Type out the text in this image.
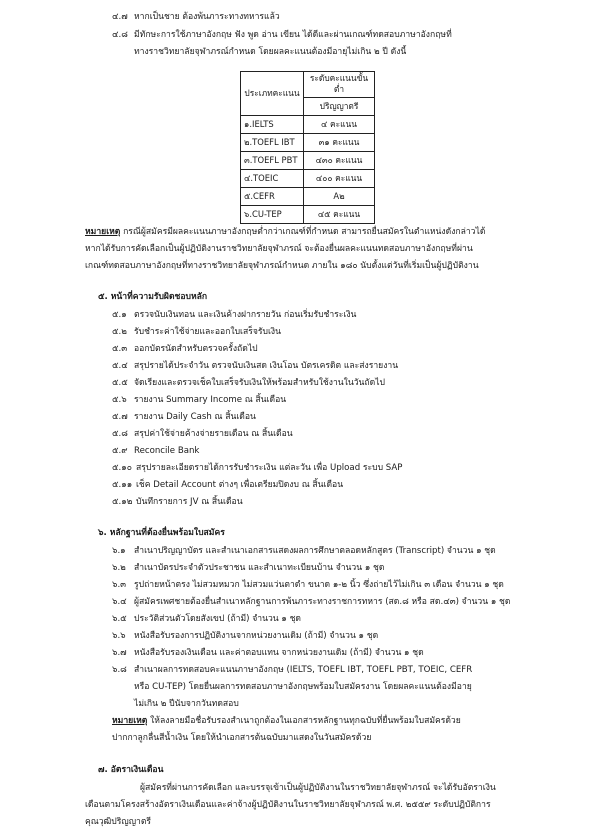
๔.๗ หากเป็นชาย ต้องพ้นภาระทางทหารแล้ว
๔.๘ มีทักษะการใช้ภาษาอังกฤษ ฟัง พูด อ่าน เขียน ได้ดีและผ่านเกณฑ์ทดสอบภาษาอังกฤษที่
ทางราชวิทยาลัยจุฬาภรณ์กำหนด โดยผลคะแนนต้องมีอายุไม่เกิน ๒ ปี ดังนี้
ประเภทคะแนน	ระดับคะแนนขั้นต่ำ
	ปริญญาตรี
๑.IELTS	๔ คะแนน
๒.TOEFL IBT	๓๑ คะแนน
๓.TOEFL PBT	๔๓๐ คะแนน
๔.TOEIC	๔๐๐ คะแนน
๕.CEFR	A๒
๖.CU-TEP	๔๕ คะแนน
หมายเหตุ กรณีผู้สมัครมีผลคะแนนภาษาอังกฤษต่ำกว่าเกณฑ์ที่กำหนด สามารถยื่นสมัครในตำแหน่งดังกล่าวได้
หากได้รับการคัดเลือกเป็นผู้ปฏิบัติงานราชวิทยาลัยจุฬาภรณ์ จะต้องยื่นผลคะแนนทดสอบภาษาอังกฤษที่ผ่าน
เกณฑ์ทดสอบภาษาอังกฤษที่ทางราชวิทยาลัยจุฬาภรณ์กำหนด ภายใน ๑๘๐ นับตั้งแต่วันที่เริ่มเป็นผู้ปฏิบัติงาน
๕. หน้าที่ความรับผิดชอบหลัก
๕.๑ ตรวจนับเงินทอน และเงินค้างฝากรายวัน ก่อนเริ่มรับชำระเงิน
๕.๒ รับชำระค่าใช้จ่ายและออกใบเสร็จรับเงิน
๕.๓ ออกบัตรนัดสำหรับตรวจครั้งถัดไป
๕.๔ สรุปรายได้ประจำวัน ตรวจนับเงินสด เงินโอน บัตรเครดิต และส่งรายงาน
๕.๕ จัดเรียงและตรวจเช็คใบเสร็จรับเงินให้พร้อมสำหรับใช้งานในวันถัดไป
๕.๖ รายงาน Summary Income ณ สิ้นเดือน
๕.๗ รายงาน Daily Cash ณ สิ้นเดือน
๕.๘ สรุปค่าใช้จ่ายค้างจ่ายรายเดือน ณ สิ้นเดือน
๕.๙ Reconcile Bank
๕.๑๐ สรุปรายละเอียดรายได้การรับชำระเงิน แต่ละวัน เพื่อ Upload ระบบ SAP
๕.๑๑ เช็ค Detail Account ต่างๆ เพื่อเตรียมปิดงบ ณ สิ้นเดือน
๕.๑๒ บันทึกรายการ JV ณ สิ้นเดือน
๖. หลักฐานที่ต้องยื่นพร้อมใบสมัคร
๖.๑ สำเนาปริญญาบัตร และสำเนาเอกสารแสดงผลการศึกษาตลอดหลักสูตร (Transcript) จำนวน ๑ ชุด
๖.๒ สำเนาบัตรประจำตัวประชาชน และสำเนาทะเบียนบ้าน จำนวน ๑ ชุด
๖.๓ รูปถ่ายหน้าตรง ไม่สวมหมวก ไม่สวมแว่นตาดำ ขนาด ๑-๒ นิ้ว ซึ่งถ่ายไว้ไม่เกิน ๓ เดือน จำนวน ๑ ชุด
๖.๔ ผู้สมัครเพศชายต้องยื่นสำเนาหลักฐานการพ้นภาระทางราชการทหาร (สด.๘ หรือ สด.๔๓) จำนวน ๑ ชุด
๖.๕ ประวัติส่วนตัวโดยสังเขป (ถ้ามี) จำนวน ๑ ชุด
๖.๖ หนังสือรับรองการปฏิบัติงานจากหน่วยงานเดิม (ถ้ามี) จำนวน ๑ ชุด
๖.๗ หนังสือรับรองเงินเดือน และค่าตอบแทน จากหน่วยงานเดิม (ถ้ามี) จำนวน ๑ ชุด
๖.๘ สำเนาผลการทดสอบคะแนนภาษาอังกฤษ (IELTS, TOEFL IBT, TOEFL PBT, TOEIC, CEFR
หรือ CU-TEP) โดยยื่นผลการทดสอบภาษาอังกฤษพร้อมใบสมัครงาน โดยผลคะแนนต้องมีอายุ
ไม่เกิน ๒ ปีนับจากวันทดสอบ
หมายเหตุ ให้ลงลายมือชื่อรับรองสำเนาถูกต้องในเอกสารหลักฐานทุกฉบับที่ยื่นพร้อมใบสมัครด้วย
ปากกาลูกลื่นสีน้ำเงิน โดยให้นำเอกสารต้นฉบับมาแสดงในวันสมัครด้วย
๗. อัตราเงินเดือน
ผู้สมัครที่ผ่านการคัดเลือก และบรรจุเข้าเป็นผู้ปฏิบัติงานในราชวิทยาลัยจุฬาภรณ์ จะได้รับอัตราเงิน
เดือนตามโครงสร้างอัตราเงินเดือนและค่าจ้างผู้ปฏิบัติงานในราชวิทยาลัยจุฬาภรณ์ พ.ศ. ๒๕๕๙ ระดับปฏิบัติการ
คุณวุฒิปริญญาตรี
